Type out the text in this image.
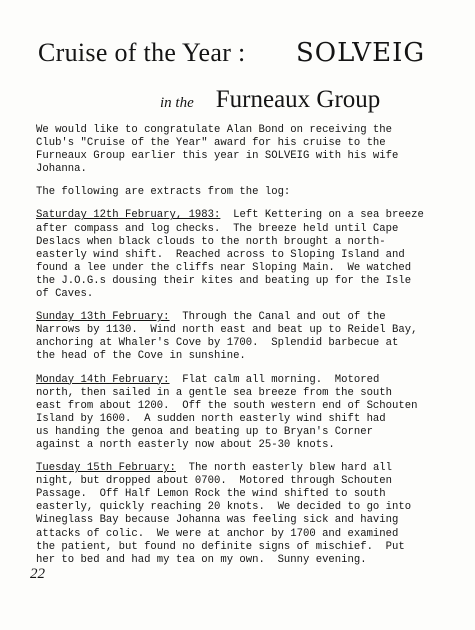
Cruise of the Year : SOLVEIG
in the Furneaux Group
We would like to congratulate Alan Bond on receiving the
Club's "Cruise of the Year" award for his cruise to the
Furneaux Group earlier this year in SOLVEIG with his wife
Johanna.
The following are extracts from the log:
Saturday 12th February, 1983:  Left Kettering on a sea breeze
after compass and log checks.  The breeze held until Cape
Deslacs when black clouds to the north brought a north-
easterly wind shift.  Reached across to Sloping Island and
found a lee under the cliffs near Sloping Main.  We watched
the J.O.G.s dousing their kites and beating up for the Isle
of Caves.
Sunday 13th February:  Through the Canal and out of the
Narrows by 1130.  Wind north east and beat up to Reidel Bay,
anchoring at Whaler's Cove by 1700.  Splendid barbecue at
the head of the Cove in sunshine.
Monday 14th February:  Flat calm all morning.  Motored
north, then sailed in a gentle sea breeze from the south
east from about 1200.  Off the south western end of Schouten
Island by 1600.  A sudden north easterly wind shift had
us handing the genoa and beating up to Bryan's Corner
against a north easterly now about 25-30 knots.
Tuesday 15th February:  The north easterly blew hard all
night, but dropped about 0700.  Motored through Schouten
Passage.  Off Half Lemon Rock the wind shifted to south
easterly, quickly reaching 20 knots.  We decided to go into
Wineglass Bay because Johanna was feeling sick and having
attacks of colic.  We were at anchor by 1700 and examined
the patient, but found no definite signs of mischief.  Put
her to bed and had my tea on my own.  Sunny evening.
22
